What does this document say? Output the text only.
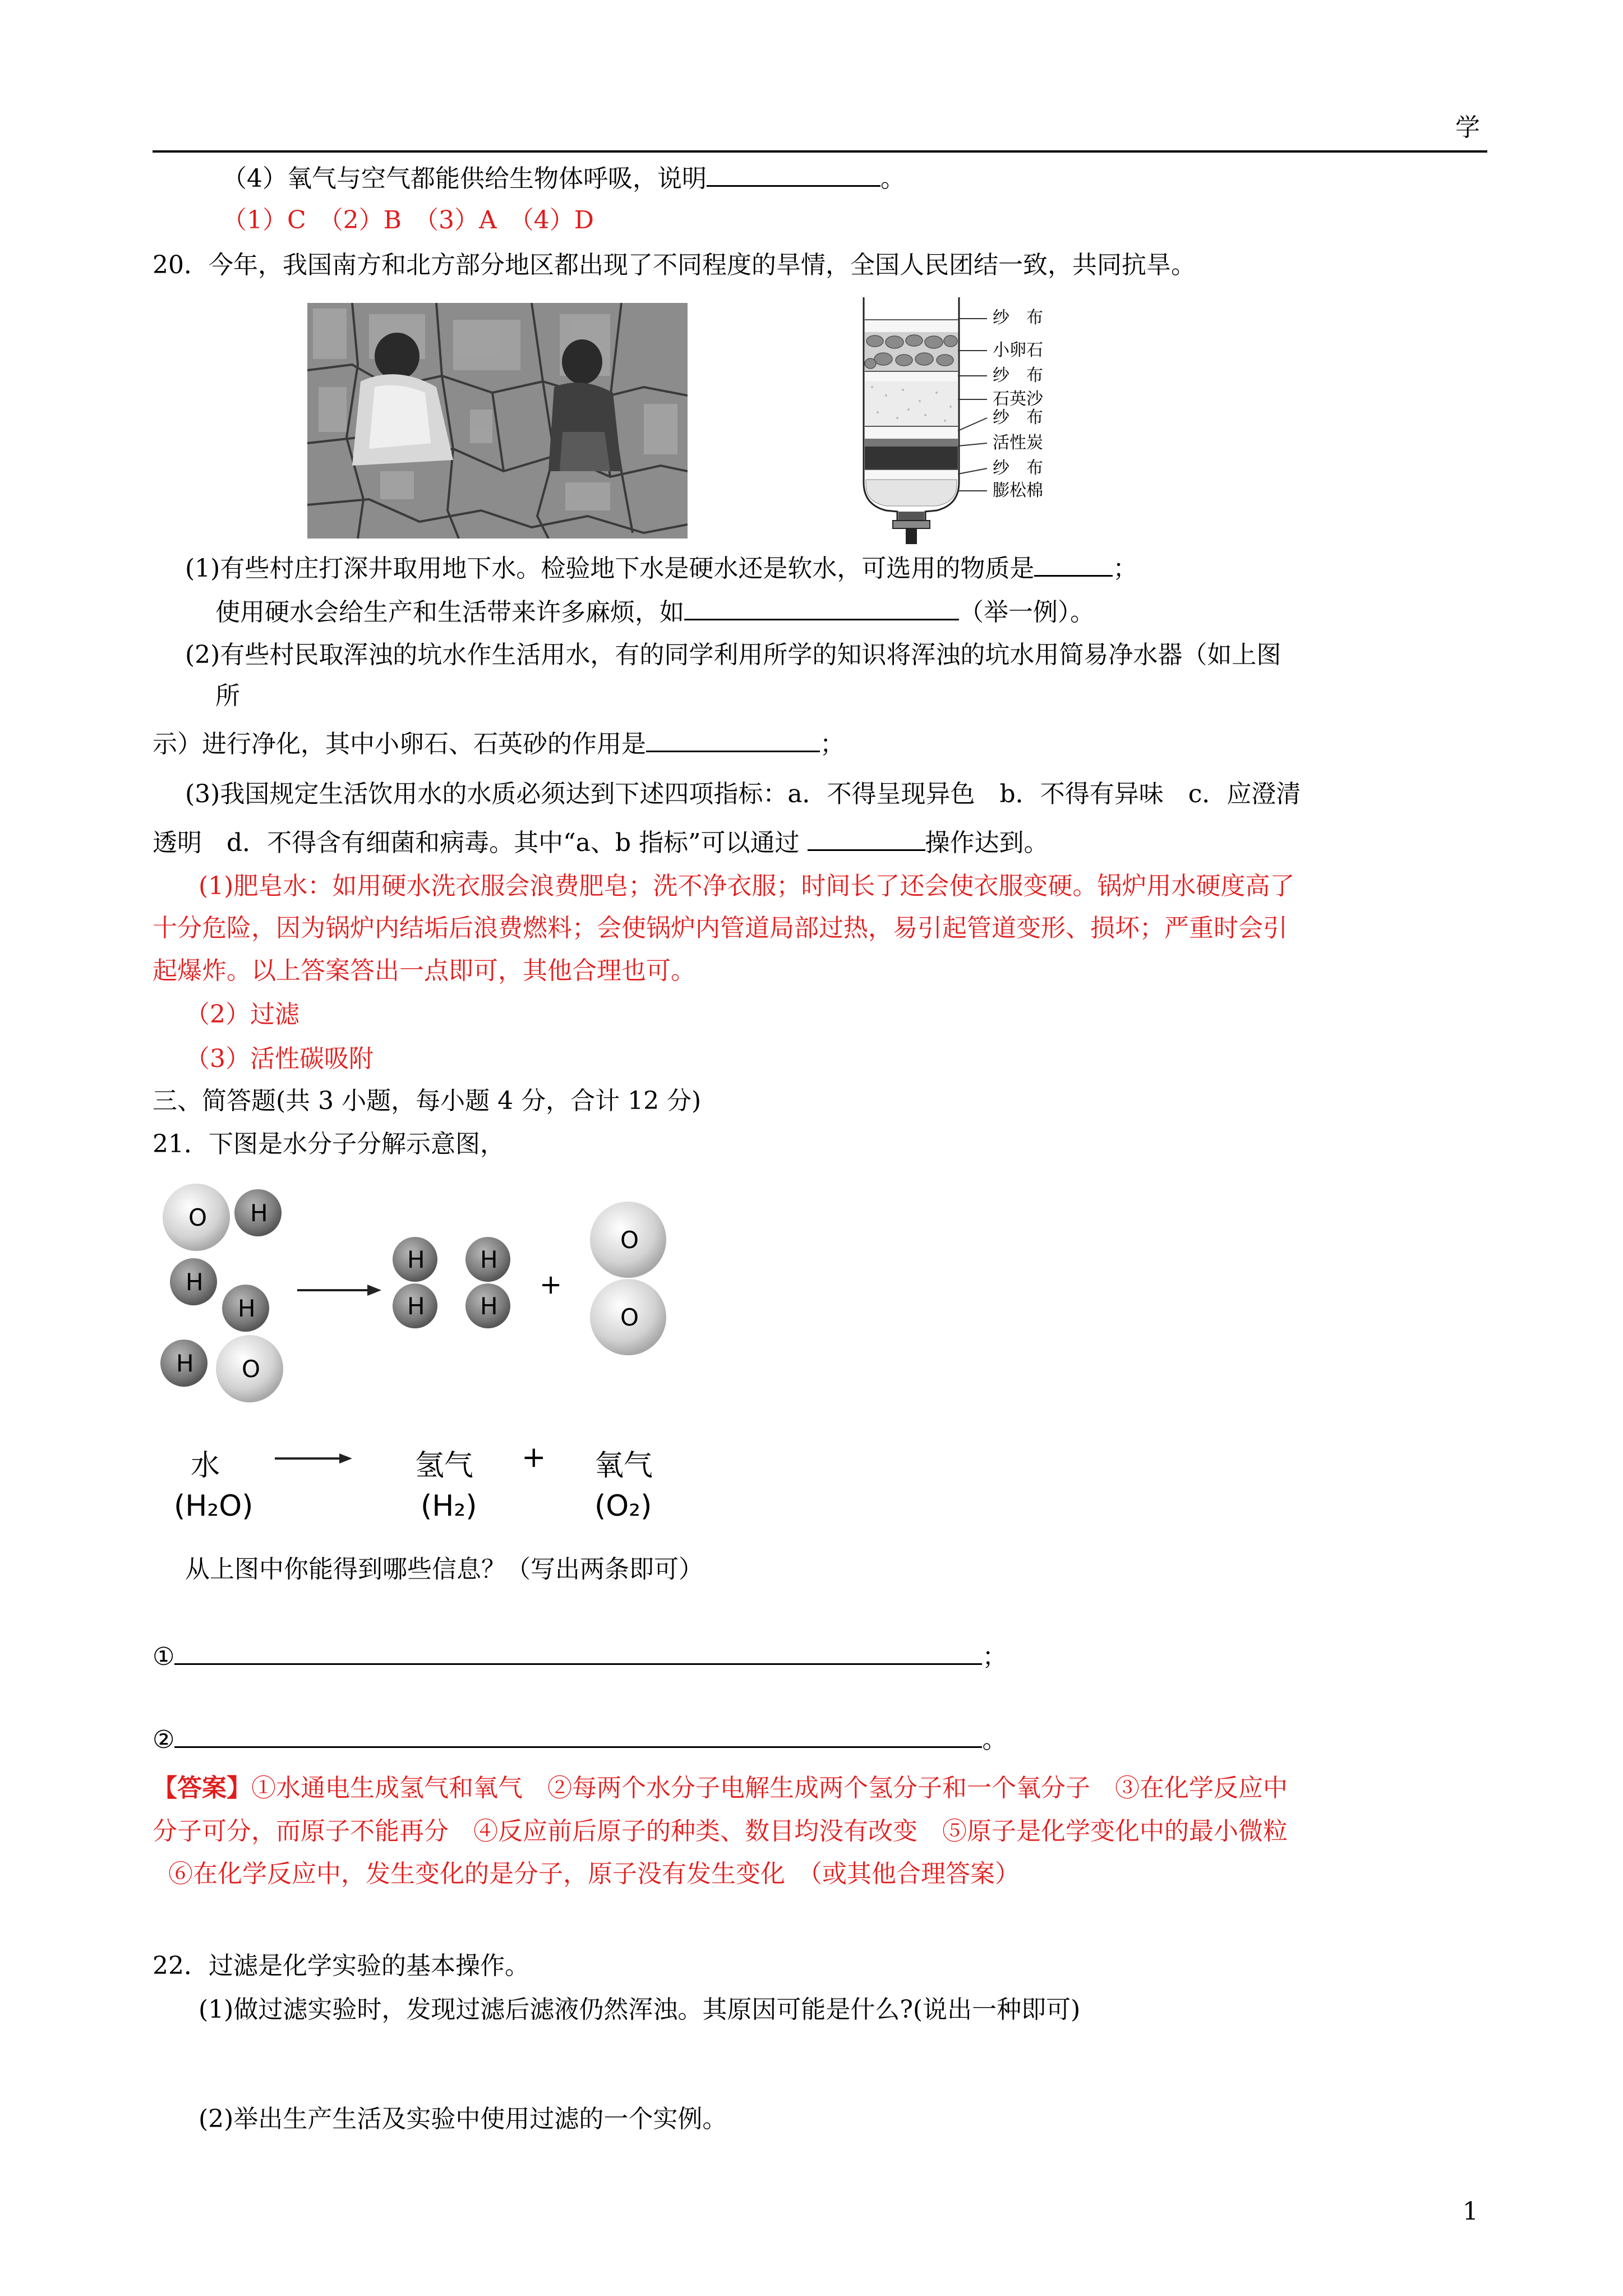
学
（4）氧气与空气都能供给生物体呼吸，说明	。
（1）C　（2）B　（3）A　（4）D
20．今年，我国南方和北方部分地区都出现了不同程度的旱情，全国人民团结一致，共同抗旱。
纱　布
小卵石
纱　布
石英沙
纱　布
活性炭
纱　布
膨松棉
(1)有些村庄打深井取用地下水。检验地下水是硬水还是软水，可选用的物质是	；
使用硬水会给生产和生活带来许多麻烦，如	（举一例）。
(2)有些村民取浑浊的坑水作生活用水，有的同学利用所学的知识将浑浊的坑水用简易净水器（如上图
所
示）进行净化，其中小卵石、石英砂的作用是	；
(3)我国规定生活饮用水的水质必须达到下述四项指标：a．不得呈现异色　b．不得有异味　c．应澄清
透明　d．不得含有细菌和病毒。其中“a、b 指标”可以通过	操作达到。
(1)肥皂水：如用硬水洗衣服会浪费肥皂；洗不净衣服；时间长了还会使衣服变硬。锅炉用水硬度高了
十分危险，因为锅炉内结垢后浪费燃料；会使锅炉内管道局部过热，易引起管道变形、损坏；严重时会引
起爆炸。以上答案答出一点即可，其他合理也可。
（2）过滤
（3）活性碳吸附
三、简答题(共 3 小题，每小题 4 分，合计 12 分)
21．下图是水分子分解示意图，
O H
H
H
O
H
H
H
H
H
+
O
O
水	氢气 + 氧气
(H₂O)	(H₂)	(O₂)
从上图中你能得到哪些信息？（写出两条即可）
①	；
②	。
【答案】①水通电生成氢气和氧气　②每两个水分子电解生成两个氢分子和一个氧分子　③在化学反应中
分子可分，而原子不能再分　④反应前后原子的种类、数目均没有改变　⑤原子是化学变化中的最小微粒
⑥在化学反应中，发生变化的是分子，原子没有发生变化　（或其他合理答案）
22．过滤是化学实验的基本操作。
(1)做过滤实验时，发现过滤后滤液仍然浑浊。其原因可能是什么?(说出一种即可)
(2)举出生产生活及实验中使用过滤的一个实例。
1
